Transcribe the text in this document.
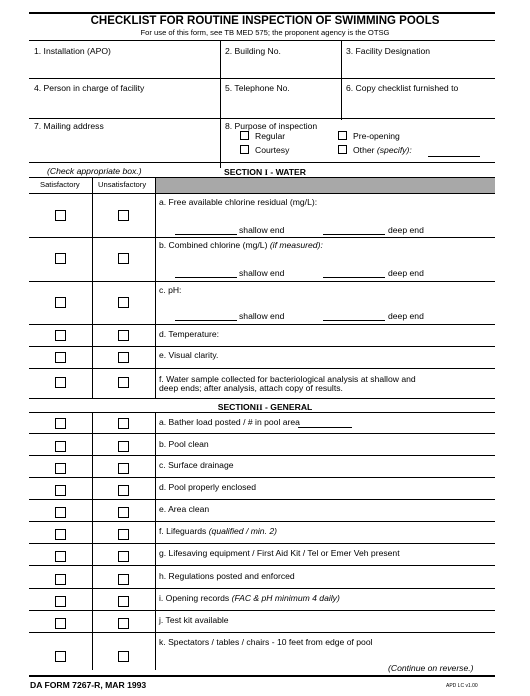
CHECKLIST FOR ROUTINE INSPECTION OF SWIMMING POOLS
For use of this form, see TB MED 575; the proponent agency is the OTSG
1. Installation (APO)	2. Building No.	3. Facility Designation
4. Person in charge of facility	5. Telephone No.	6. Copy checklist furnished to
7. Mailing address	8. Purpose of inspection
Regular	Pre-opening
Courtesy	Other (specify):
(Check appropriate box.)	SECTION I - WATER
Satisfactory Unsatisfactory
a. Free available chlorine residual (mg/L):
shallow end	deep end
b. Combined chlorine (mg/L) (if measured):
shallow end	deep end
c. pH:
shallow end	deep end
d. Temperature:
e. Visual clarity.
f. Water sample collected for bacteriological analysis at shallow and
deep ends; after analysis, attach copy of results.
SECTIONII - GENERAL
a. Bather load posted / # in pool area
b. Pool clean
c. Surface drainage
d. Pool properly enclosed
e. Area clean
f. Lifeguards (qualified / min. 2)
g. Lifesaving equipment / First Aid Kit / Tel or Emer Veh present
h. Regulations posted and enforced
i. Opening records (FAC & pH minimum 4 daily)
j. Test kit available
k. Spectators / tables / chairs - 10 feet from edge of pool
(Continue on reverse.)
DA FORM 7267-R, MAR 1993	APD LC v1.00
